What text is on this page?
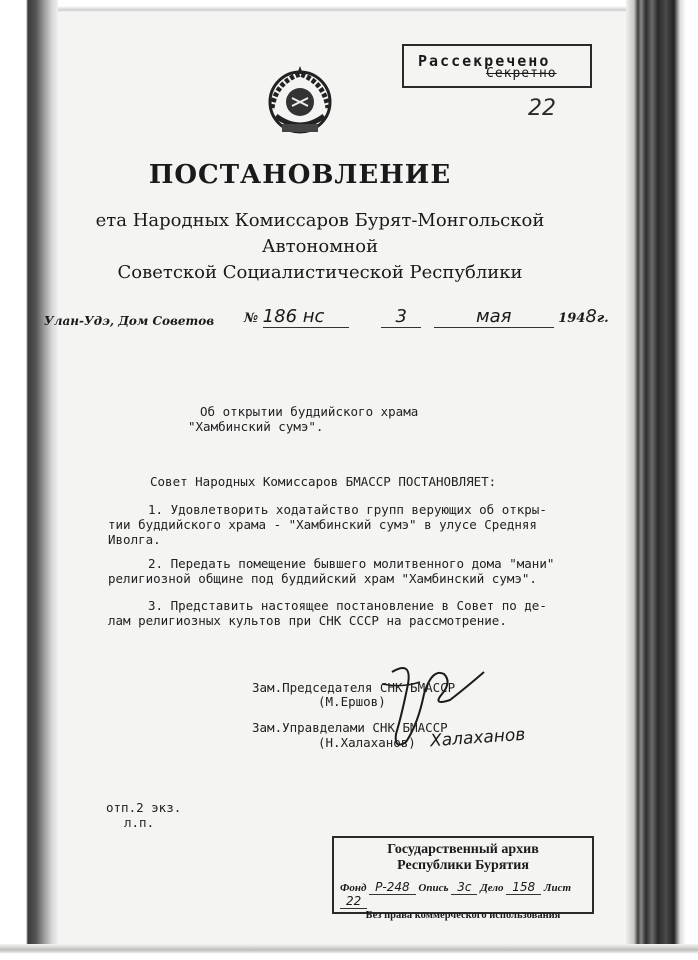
Рассекречено
Секретно
22
ПОСТАНОВЛЕНИЕ
ета Народных Комиссаров Бурят-Монгольской Автономной
Советской Социалистической Республики
Улан-Удэ, Дом Советов № 186 нс	3	мая	1948г.
Об открытии буддийского храма
"Хамбинский сумэ".
Совет Народных Комиссаров БМАССР ПОСТАНОВЛЯЕТ:
1. Удовлетворить ходатайство групп верующих об откры-
тии буддийского храма - "Хамбинский сумэ" в улусе Средняя
Иволга.
2. Передать помещение бывшего молитвенного дома "мани"
религиозной общине под буддийский храм "Хамбинский сумэ".
3. Представить настоящее постановление в Совет по де-
лам религиозных культов при СНК СССР на рассмотрение.
Зам.Председателя СНК БМАССР
(М.Ершов)
Зам.Управделами СНК БМАССР
(Н.Халаханов) Халаханов
отп.2 экз.
л.п.
Государственный архив
Республики Бурятия
Фонд Р-248 Опись 3с Дело 158 Лист 22
Без права коммерческого использования
